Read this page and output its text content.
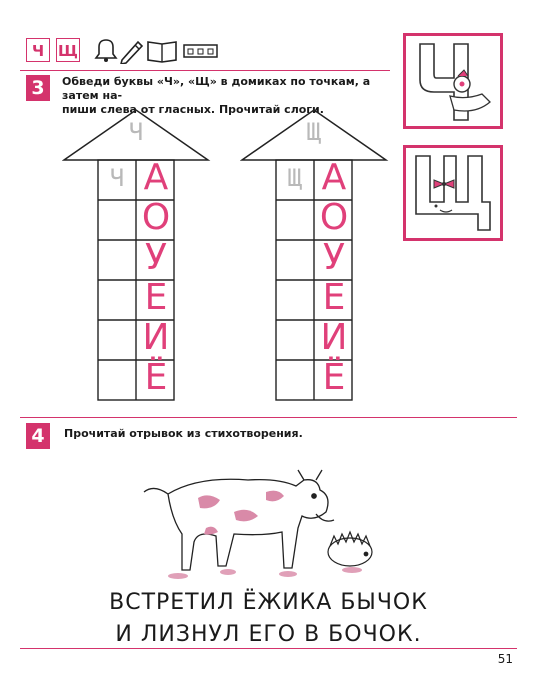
Ч Щ
3	Обведи буквы «Ч», «Щ» в домиках по точкам, а затем на-
пиши слева от гласных. Прочитай слоги.
Ч
Ч А
О
У
Е
И
Ё
Щ
Щ А
О
У
Е
И
Ё
4	Прочитай отрывок из стихотворения.
ВСТРЕТИЛ ЁЖИКА БЫЧОК
И ЛИЗНУЛ ЕГО В БОЧОК.
51
